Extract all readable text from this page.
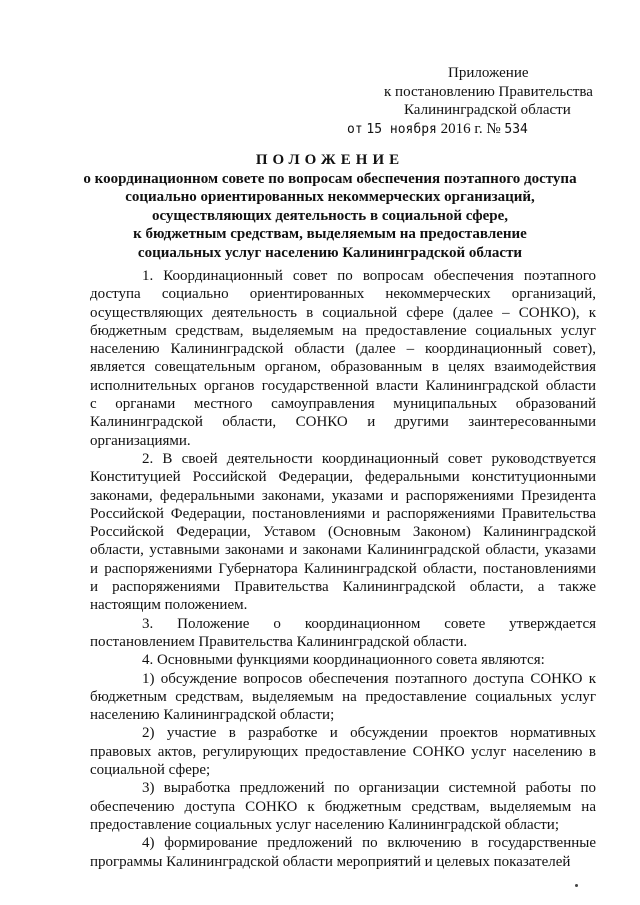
Приложение
к постановлению Правительства
Калининградской области
от 15 ноября 2016 г. № 534
ПОЛОЖЕНИЕ
о координационном совете по вопросам обеспечения поэтапного доступа
социально ориентированных некоммерческих организаций,
осуществляющих деятельность в социальной сфере,
к бюджетным средствам, выделяемым на предоставление
социальных услуг населению Калининградской области
1. Координационный совет по вопросам обеспечения поэтапного
доступа социально ориентированных некоммерческих организаций,
осуществляющих деятельность в социальной сфере (далее – СОНКО), к
бюджетным средствам, выделяемым на предоставление социальных услуг
населению Калининградской области (далее – координационный совет),
является совещательным органом, образованным в целях взаимодействия
исполнительных органов государственной власти Калининградской области
с органами местного самоуправления муниципальных образований
Калининградской области, СОНКО и другими заинтересованными
организациями.
2. В своей деятельности координационный совет руководствуется
Конституцией Российской Федерации, федеральными конституционными
законами, федеральными законами, указами и распоряжениями Президента
Российской Федерации, постановлениями и распоряжениями Правительства
Российской Федерации, Уставом (Основным Законом) Калининградской
области, уставными законами и законами Калининградской области, указами
и распоряжениями Губернатора Калининградской области, постановлениями
и распоряжениями Правительства Калининградской области, а также
настоящим положением.
3. Положение о координационном совете утверждается
постановлением Правительства Калининградской области.
4. Основными функциями координационного совета являются:
1) обсуждение вопросов обеспечения поэтапного доступа СОНКО к
бюджетным средствам, выделяемым на предоставление социальных услуг
населению Калининградской области;
2) участие в разработке и обсуждении проектов нормативных
правовых актов, регулирующих предоставление СОНКО услуг населению в
социальной сфере;
3) выработка предложений по организации системной работы по
обеспечению доступа СОНКО к бюджетным средствам, выделяемым на
предоставление социальных услуг населению Калининградской области;
4) формирование предложений по включению в государственные
программы Калининградской области мероприятий и целевых показателей
